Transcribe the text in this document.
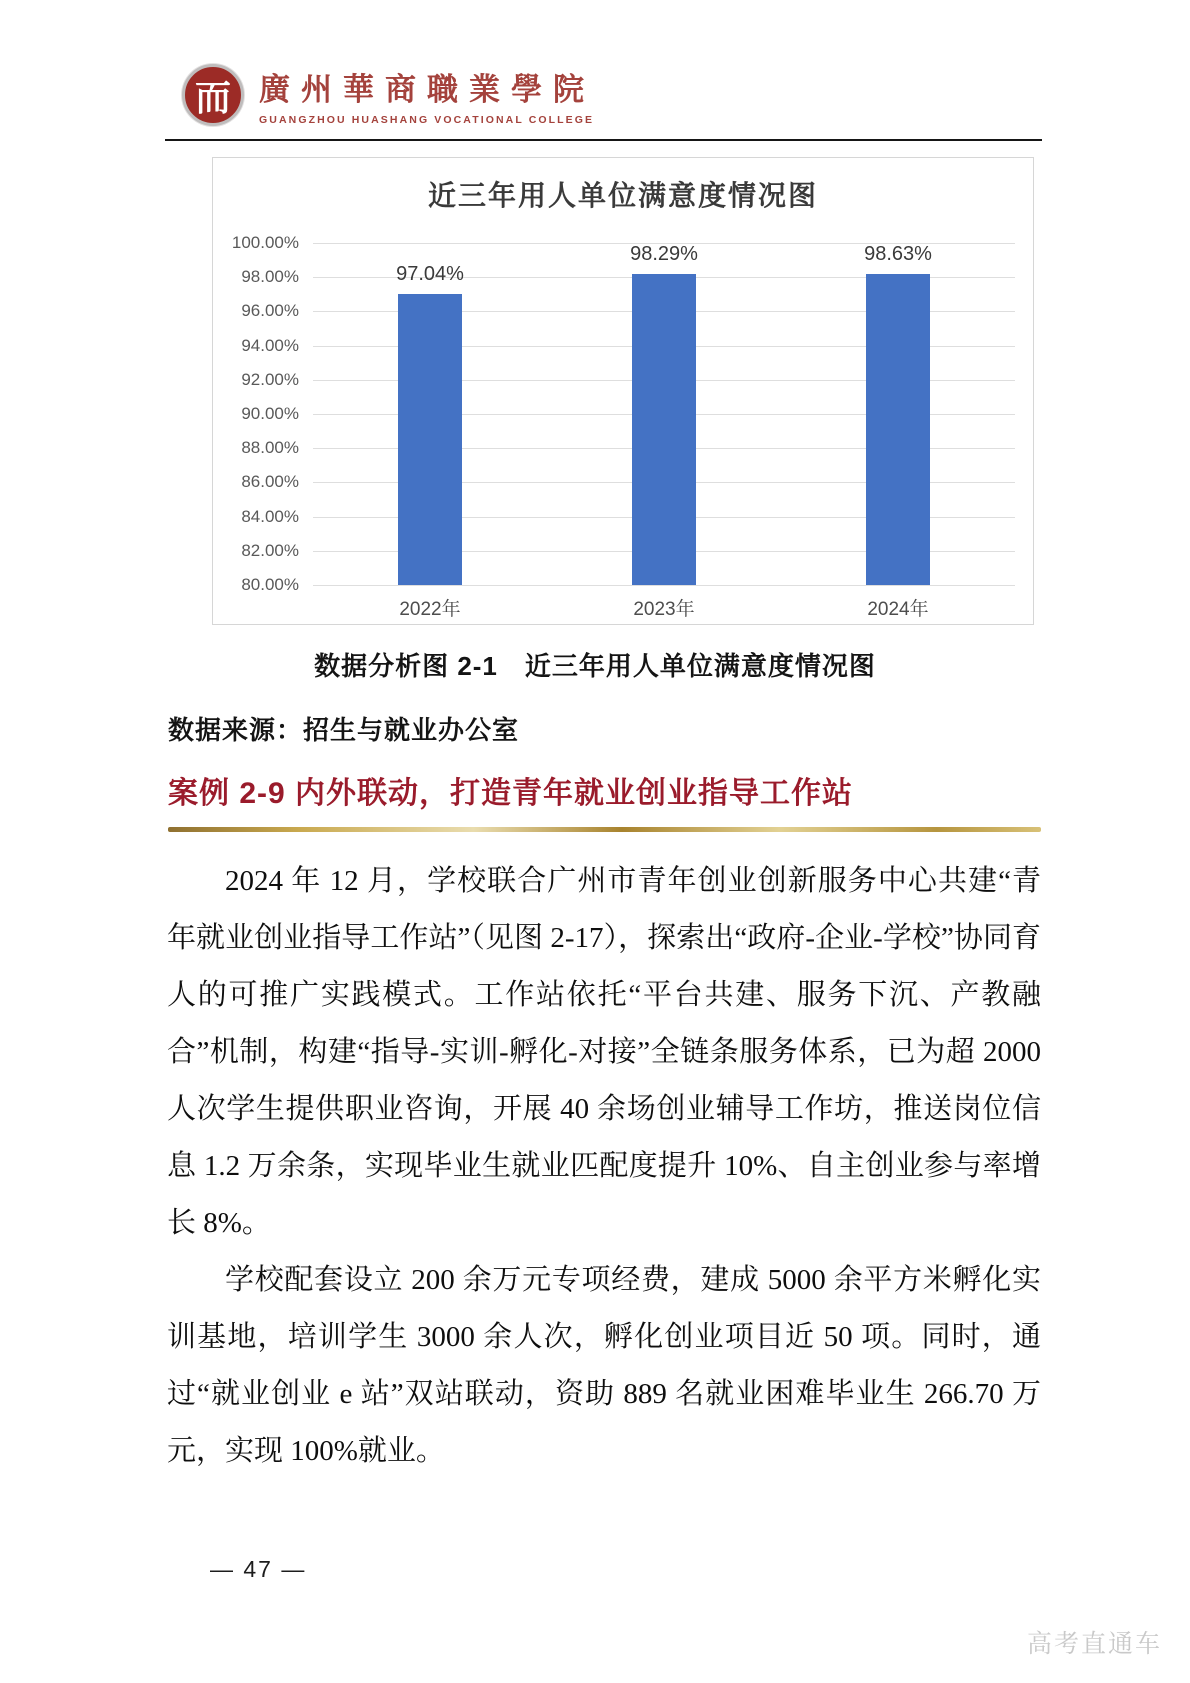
而 廣州華商職業學院
GUANGZHOU HUASHANG VOCATIONAL COLLEGE
近三年用人单位满意度情况图
100.00%
98.00%
96.00%
94.00%
92.00%
90.00%
88.00%
86.00%
84.00%
82.00%
80.00%
97.04%
98.29%	98.63%
2022年	2023年	2024年
数据分析图 2-1　近三年用人单位满意度情况图
数据来源：招生与就业办公室
案例 2-9 内外联动，打造青年就业创业指导工作站

2024 年 12 月，学校联合广州市青年创业创新服务中心共建“青年就业创业指导工作站”（见图 2-17），探索出“政府-企业-学校”协同育人的可推广实践模式。工作站依托“平台共建、服务下沉、产教融合”机制，构建“指导-实训-孵化-对接”全链条服务体系，已为超 2000 人次学生提供职业咨询，开展 40 余场创业辅导工作坊，推送岗位信息 1.2 万余条，实现毕业生就业匹配度提升 10%、自主创业参与率增长 8%。

学校配套设立 200 余万元专项经费，建成 5000 余平方米孵化实训基地，培训学生 3000 余人次，孵化创业项目近 50 项。同时，通过“就业创业 e 站”双站联动，资助 889 名就业困难毕业生 266.70 万元，实现 100%就业。

— 47 —
高考直通车
